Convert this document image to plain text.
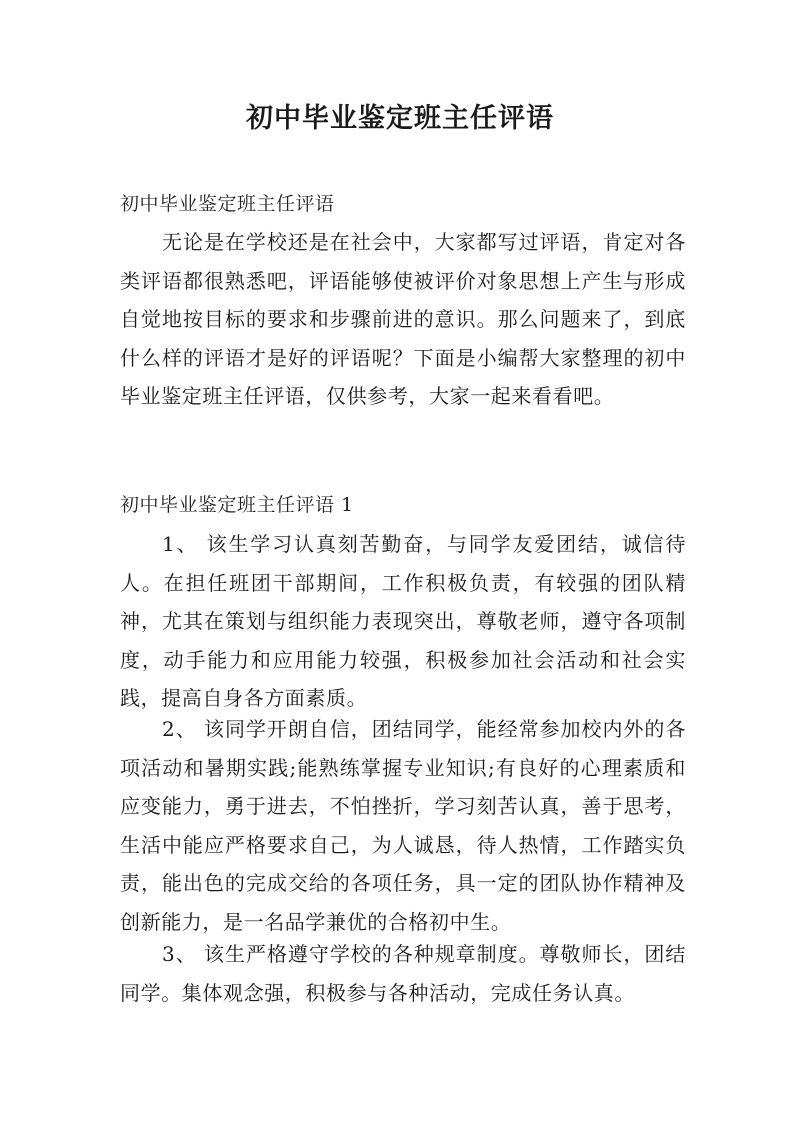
初中毕业鉴定班主任评语

初中毕业鉴定班主任评语

无论是在学校还是在社会中，大家都写过评语，肯定对各类评语都很熟悉吧，评语能够使被评价对象思想上产生与形成自觉地按目标的要求和步骤前进的意识。那么问题来了，到底什么样的评语才是好的评语呢？下面是小编帮大家整理的初中毕业鉴定班主任评语，仅供参考，大家一起来看看吧。

初中毕业鉴定班主任评语 1

1、 该生学习认真刻苦勤奋，与同学友爱团结，诚信待人。在担任班团干部期间，工作积极负责，有较强的团队精神，尤其在策划与组织能力表现突出，尊敬老师，遵守各项制度，动手能力和应用能力较强，积极参加社会活动和社会实践，提高自身各方面素质。

2、 该同学开朗自信，团结同学，能经常参加校内外的各项活动和暑期实践;能熟练掌握专业知识;有良好的心理素质和应变能力，勇于进去，不怕挫折，学习刻苦认真，善于思考，生活中能应严格要求自己，为人诚恳，待人热情，工作踏实负责，能出色的完成交给的各项任务，具一定的团队协作精神及创新能力，是一名品学兼优的合格初中生。

3、 该生严格遵守学校的各种规章制度。尊敬师长，团结同学。集体观念强，积极参与各种活动，完成任务认真。
